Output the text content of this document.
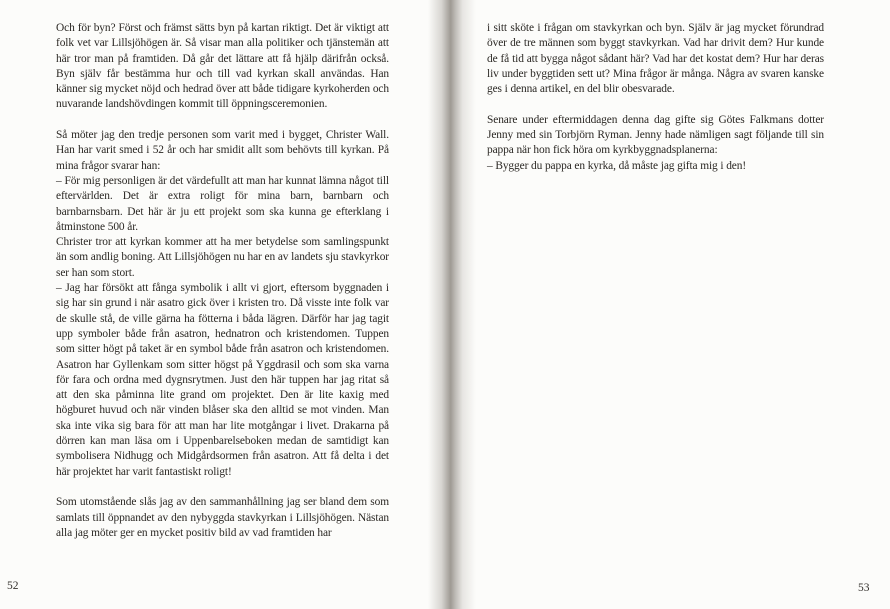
Och för byn? Först och främst sätts byn på kartan riktigt. Det är viktigt att folk vet var Lillsjöhögen är. Så visar man alla politiker och tjänstemän att här tror man på framtiden. Då går det lättare att få hjälp därifrån också. Byn själv får bestämma hur och till vad kyrkan skall användas. Han känner sig mycket nöjd och hedrad över att både tidigare kyrkoherden och nuvarande landshövdingen kommit till öppningsceremonien.

Så möter jag den tredje personen som varit med i bygget, Christer Wall. Han har varit smed i 52 år och har smidit allt som behövts till kyrkan. På mina frågor svarar han:

– För mig personligen är det värdefullt att man har kunnat lämna något till eftervärlden. Det är extra roligt för mina barn, barnbarn och barnbarnsbarn. Det här är ju ett projekt som ska kunna ge efterklang i åtminstone 500 år.

Christer tror att kyrkan kommer att ha mer betydelse som samlingspunkt än som andlig boning. Att Lillsjöhögen nu har en av landets sju stavkyrkor ser han som stort.

– Jag har försökt att fånga symbolik i allt vi gjort, eftersom byggnaden i sig har sin grund i när asatro gick över i kristen tro. Då visste inte folk var de skulle stå, de ville gärna ha fötterna i båda lägren. Därför har jag tagit upp symboler både från asatron, hednatron och kristendomen. Tuppen som sitter högt på taket är en symbol både från asatron och kristendomen. Asatron har Gyllenkam som sitter högst på Yggdrasil och som ska varna för fara och ordna med dygnsrytmen. Just den här tuppen har jag ritat så att den ska påminna lite grand om projektet. Den är lite kaxig med högburet huvud och när vinden blåser ska den alltid se mot vinden. Man ska inte vika sig bara för att man har lite motgångar i livet. Drakarna på dörren kan man läsa om i Uppenbarelseboken medan de samtidigt kan symbolisera Nidhugg och Midgårdsormen från asatron. Att få delta i det här projektet har varit fantastiskt roligt!

Som utomstående slås jag av den sammanhållning jag ser bland dem som samlats till öppnandet av den nybyggda stavkyrkan i Lillsjöhögen. Nästan alla jag möter ger en mycket positiv bild av vad framtiden har

i sitt sköte i frågan om stavkyrkan och byn. Själv är jag mycket förundrad över de tre männen som byggt stavkyrkan. Vad har drivit dem? Hur kunde de få tid att bygga något sådant här? Vad har det kostat dem? Hur har deras liv under byggtiden sett ut? Mina frågor är många. Några av svaren kanske ges i denna artikel, en del blir obesvarade.

Senare under eftermiddagen denna dag gifte sig Götes Falkmans dotter Jenny med sin Torbjörn Ryman. Jenny hade nämligen sagt följande till sin pappa när hon fick höra om kyrkbyggnadsplanerna:

– Bygger du pappa en kyrka, då måste jag gifta mig i den!

52	53
